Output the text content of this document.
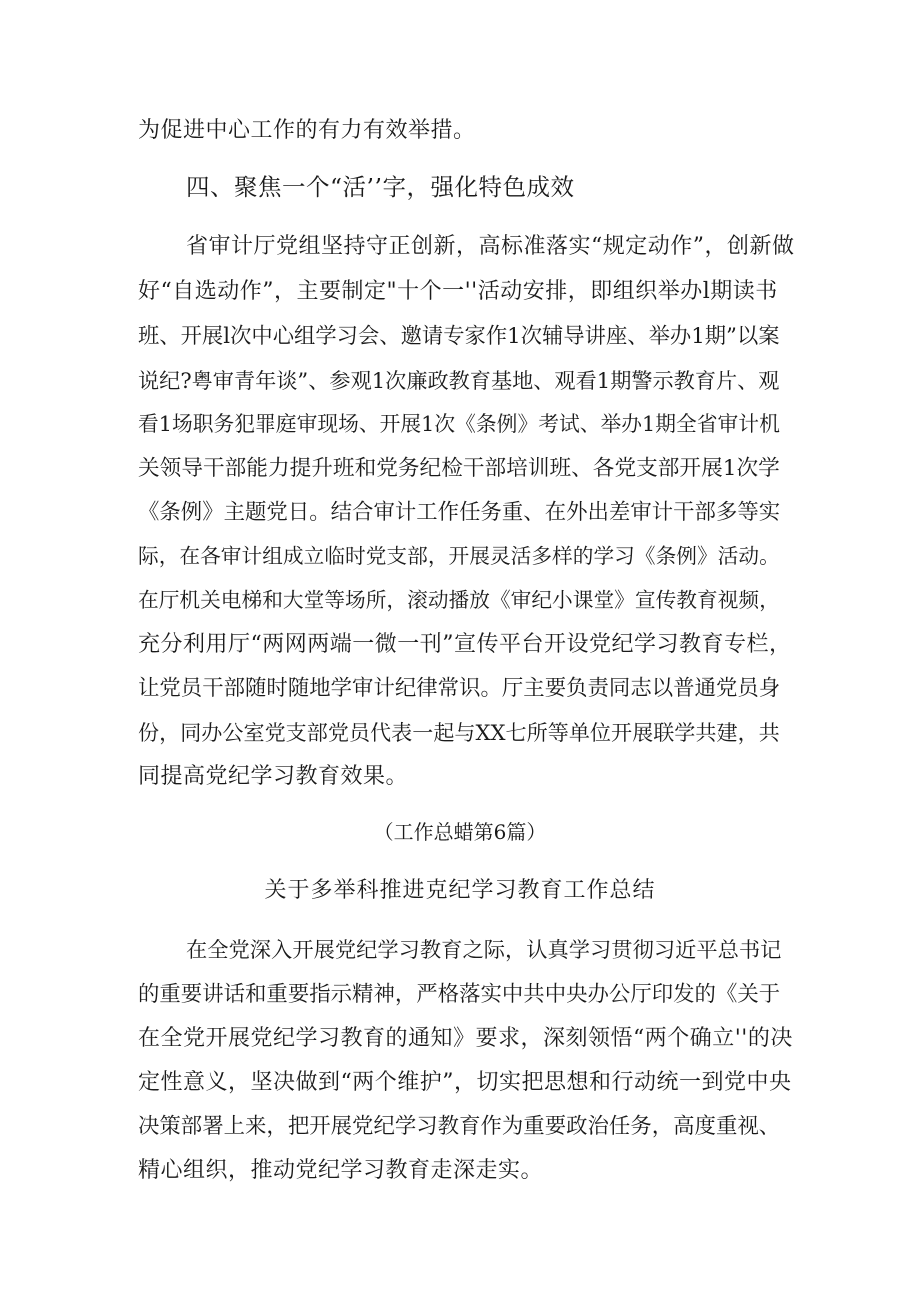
为促进中心工作的有力有效举措。
四、聚焦一个“活’’字，强化特色成效
省审计厅党组坚持守正创新，高标准落实“规定动作”，创新做
好“自选动作”，主要制定"十个一''活动安排，即组织举办l期读书
班、开展l次中心组学习会、邀请专家作1次辅导讲座、举办1期”以案
说纪?粤审青年谈”、参观1次廉政教育基地、观看1期警示教育片、观
看1场职务犯罪庭审现场、开展1次《条例》考试、举办1期全省审计机
关领导干部能力提升班和党务纪检干部培训班、各党支部开展1次学
《条例》主题党日。结合审计工作任务重、在外出差审计干部多等实
际，在各审计组成立临时党支部，开展灵活多样的学习《条例》活动。
在厅机关电梯和大堂等场所，滚动播放《审纪小课堂》宣传教育视频，
充分利用厅“两网两端一微一刊”宣传平台开设党纪学习教育专栏，
让党员干部随时随地学审计纪律常识。厅主要负责同志以普通党员身
份，同办公室党支部党员代表一起与XX七所等单位开展联学共建，共
同提高党纪学习教育效果。
（工作总蜡第6篇）
关于多举科推进克纪学习教育工作总结
在全党深入开展党纪学习教育之际，认真学习贯彻习近平总书记
的重要讲话和重要指示精神，严格落实中共中央办公厅印发的《关于
在全党开展党纪学习教育的通知》要求，深刻领悟“两个确立''的决
定性意义，坚决做到“两个维护”，切实把思想和行动统一到党中央
决策部署上来，把开展党纪学习教育作为重要政治任务，高度重视、
精心组织，推动党纪学习教育走深走实。
